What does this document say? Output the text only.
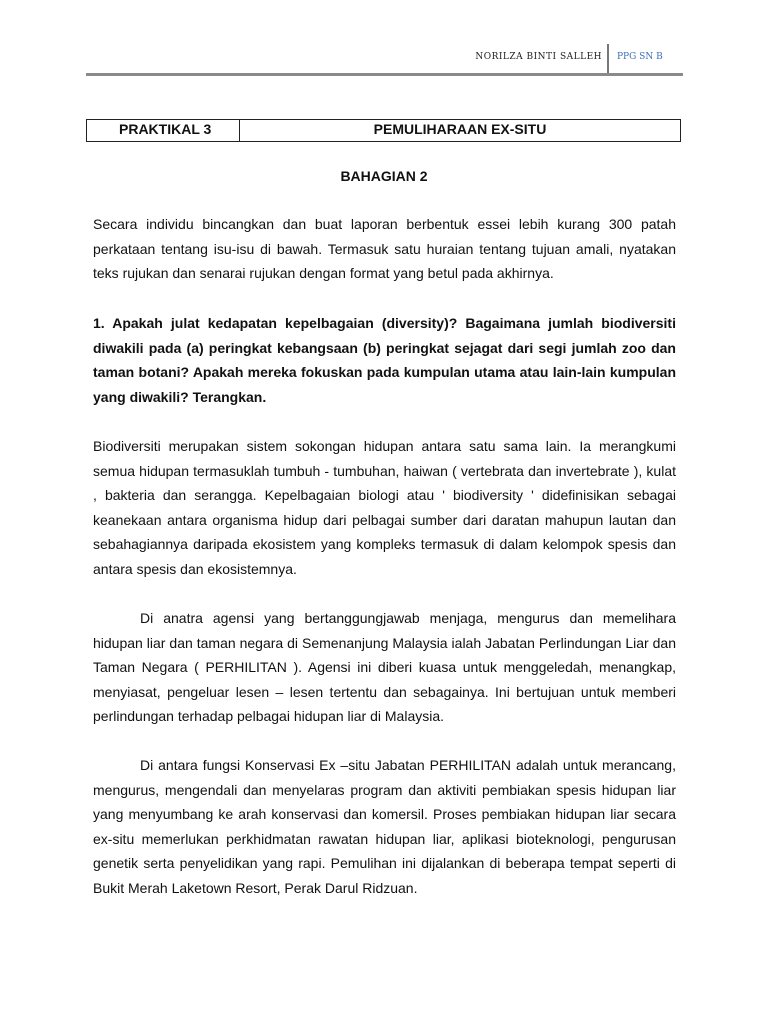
NORILZA BINTI SALLEH PPG SN B
PRAKTIKAL 3	PEMULIHARAAN EX-SITU
BAHAGIAN 2

Secara individu bincangkan dan buat laporan berbentuk essei lebih kurang 300 patah perkataan tentang isu-isu di bawah. Termasuk satu huraian tentang tujuan amali, nyatakan teks rujukan dan senarai rujukan dengan format yang betul pada akhirnya.

1. Apakah julat kedapatan kepelbagaian (diversity)? Bagaimana jumlah biodiversiti diwakili pada (a) peringkat kebangsaan (b) peringkat sejagat dari segi jumlah zoo dan taman botani? Apakah mereka fokuskan pada kumpulan utama atau lain-lain kumpulan yang diwakili? Terangkan.

Biodiversiti merupakan sistem sokongan hidupan antara satu sama lain. Ia merangkumi semua hidupan termasuklah tumbuh - tumbuhan, haiwan ( vertebrata dan invertebrate ), kulat , bakteria dan serangga. Kepelbagaian biologi atau ' biodiversity ' didefinisikan sebagai keanekaan antara organisma hidup dari pelbagai sumber dari daratan mahupun lautan dan sebahagiannya daripada ekosistem yang kompleks termasuk di dalam kelompok spesis dan antara spesis dan ekosistemnya.

Di anatra agensi yang bertanggungjawab menjaga, mengurus dan memelihara hidupan liar dan taman negara di Semenanjung Malaysia ialah Jabatan Perlindungan Liar dan Taman Negara ( PERHILITAN ). Agensi ini diberi kuasa untuk menggeledah, menangkap, menyiasat, pengeluar lesen – lesen tertentu dan sebagainya. Ini bertujuan untuk memberi perlindungan terhadap pelbagai hidupan liar di Malaysia.

Di antara fungsi Konservasi Ex –situ Jabatan PERHILITAN adalah untuk merancang, mengurus, mengendali dan menyelaras program dan aktiviti pembiakan spesis hidupan liar yang menyumbang ke arah konservasi dan komersil. Proses pembiakan hidupan liar secara ex-situ memerlukan perkhidmatan rawatan hidupan liar, aplikasi bioteknologi, pengurusan genetik serta penyelidikan yang rapi. Pemulihan ini dijalankan di beberapa tempat seperti di Bukit Merah Laketown Resort, Perak Darul Ridzuan.
